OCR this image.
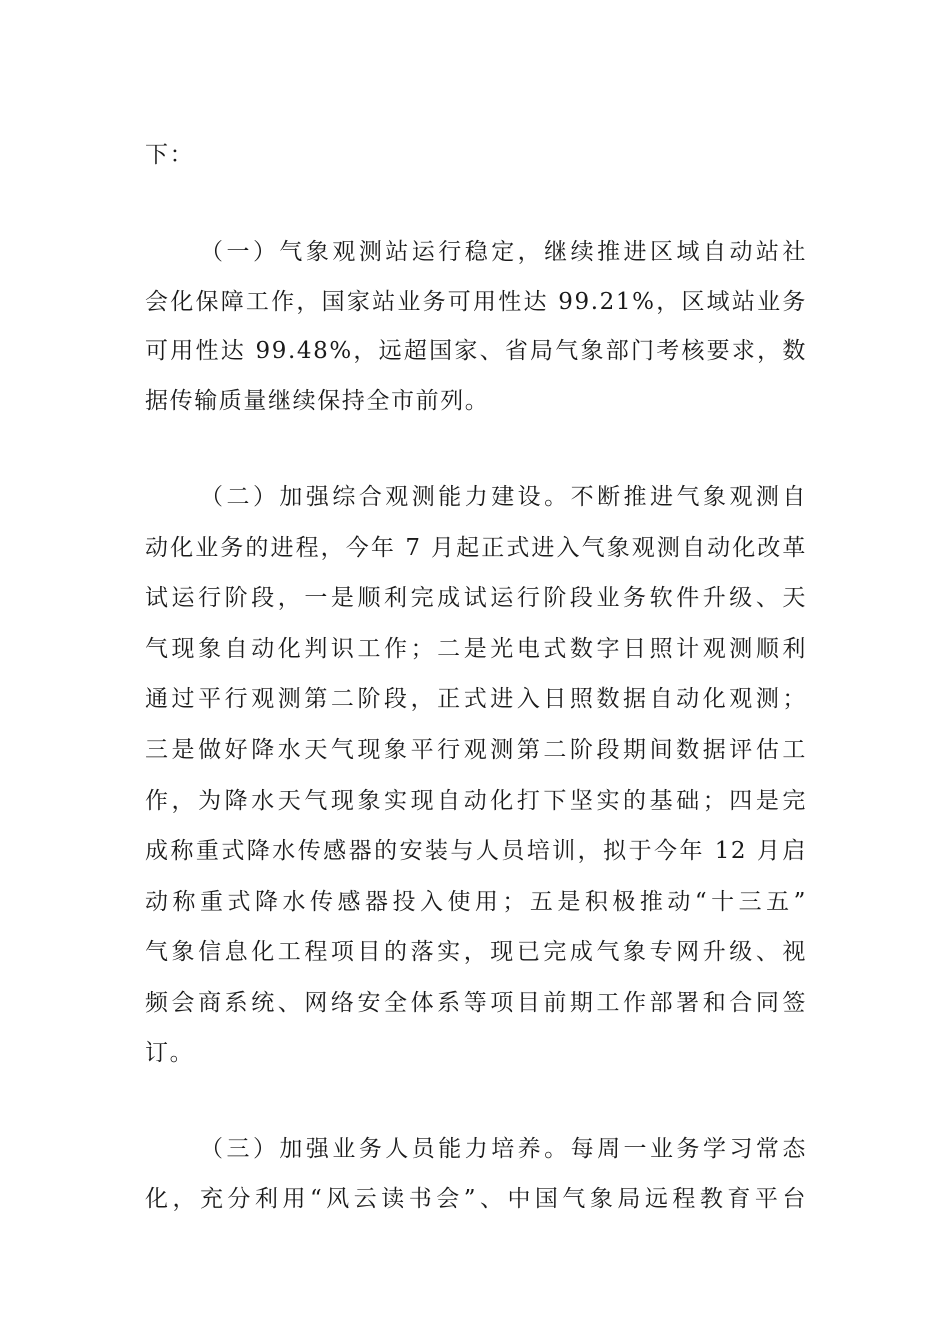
下：
（一）气象观测站运行稳定，继续推进区域自动站社
会化保障工作，国家站业务可用性达 99.21%，区域站业务
可用性达 99.48%，远超国家、省局气象部门考核要求，数
据传输质量继续保持全市前列。
（二）加强综合观测能力建设。不断推进气象观测自
动化业务的进程，今年 7 月起正式进入气象观测自动化改革
试运行阶段，一是顺利完成试运行阶段业务软件升级、天
气现象自动化判识工作；二是光电式数字日照计观测顺利
通过平行观测第二阶段，正式进入日照数据自动化观测；
三是做好降水天气现象平行观测第二阶段期间数据评估工
作，为降水天气现象实现自动化打下坚实的基础；四是完
成称重式降水传感器的安装与人员培训，拟于今年 12 月启
动称重式降水传感器投入使用；五是积极推动“十三五”
气象信息化工程项目的落实，现已完成气象专网升级、视
频会商系统、网络安全体系等项目前期工作部署和合同签
订。
（三）加强业务人员能力培养。每周一业务学习常态
化，充分利用“风云读书会”、中国气象局远程教育平台
